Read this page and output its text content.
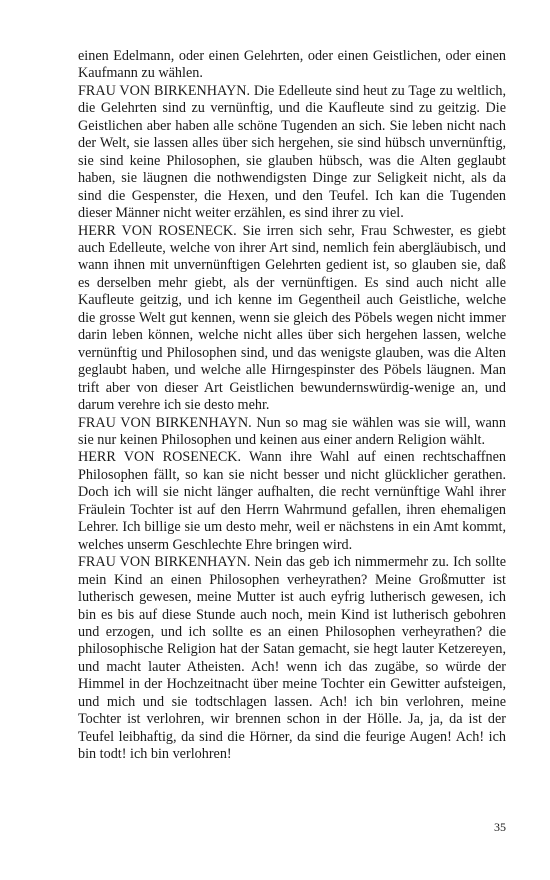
einen Edelmann, oder einen Gelehrten, oder einen Geistlichen, oder einen Kaufmann zu wählen.

FRAU VON BIRKENHAYN. Die Edelleute sind heut zu Tage zu weltlich, die Gelehrten sind zu vernünftig, und die Kaufleute sind zu geitzig. Die Geistlichen aber haben alle schöne Tugenden an sich. Sie leben nicht nach der Welt, sie lassen alles über sich hergehen, sie sind hübsch unvernünftig, sie sind keine Philosophen, sie glauben hübsch, was die Alten geglaubt haben, sie läugnen die nothwendigsten Dinge zur Seligkeit nicht, als da sind die Gespenster, die Hexen, und den Teufel. Ich kan die Tugenden dieser Männer nicht weiter erzählen, es sind ihrer zu viel.

HERR VON ROSENECK. Sie irren sich sehr, Frau Schwester, es giebt auch Edelleute, welche von ihrer Art sind, nemlich fein abergläubisch, und wann ihnen mit unvernünftigen Gelehrten gedient ist, so glauben sie, daß es derselben mehr giebt, als der vernünftigen. Es sind auch nicht alle Kaufleute geitzig, und ich kenne im Gegentheil auch Geistliche, welche die grosse Welt gut kennen, wenn sie gleich des Pöbels wegen nicht immer darin leben können, welche nicht alles über sich hergehen lassen, welche vernünftig und Philosophen sind, und das wenigste glauben, was die Alten geglaubt haben, und welche alle Hirngespinster des Pöbels läugnen. Man trift aber von dieser Art Geistlichen bewundernswürdig-wenige an, und darum verehre ich sie desto mehr.

FRAU VON BIRKENHAYN. Nun so mag sie wählen was sie will, wann sie nur keinen Philosophen und keinen aus einer andern Religion wählt.

HERR VON ROSENECK. Wann ihre Wahl auf einen rechtschaffnen Philosophen fällt, so kan sie nicht besser und nicht glücklicher gerathen. Doch ich will sie nicht länger aufhalten, die recht vernünftige Wahl ihrer Fräulein Tochter ist auf den Herrn Wahrmund gefallen, ihren ehemaligen Lehrer. Ich billige sie um desto mehr, weil er nächstens in ein Amt kommt, welches unserm Geschlechte Ehre bringen wird.

FRAU VON BIRKENHAYN. Nein das geb ich nimmermehr zu. Ich sollte mein Kind an einen Philosophen verheyrathen? Meine Großmutter ist lutherisch gewesen, meine Mutter ist auch eyfrig lutherisch gewesen, ich bin es bis auf diese Stunde auch noch, mein Kind ist lutherisch gebohren und erzogen, und ich sollte es an einen Philosophen verheyrathen? die philosophische Religion hat der Satan gemacht, sie hegt lauter Ketzereyen, und macht lauter Atheisten. Ach! wenn ich das zugäbe, so würde der Himmel in der Hochzeitnacht über meine Tochter ein Gewitter aufsteigen, und mich und sie todtschlagen lassen. Ach! ich bin verlohren, meine Tochter ist verlohren, wir brennen schon in der Hölle. Ja, ja, da ist der Teufel leibhaftig, da sind die Hörner, da sind die feurige Augen! Ach! ich bin todt! ich bin verlohren!

35
